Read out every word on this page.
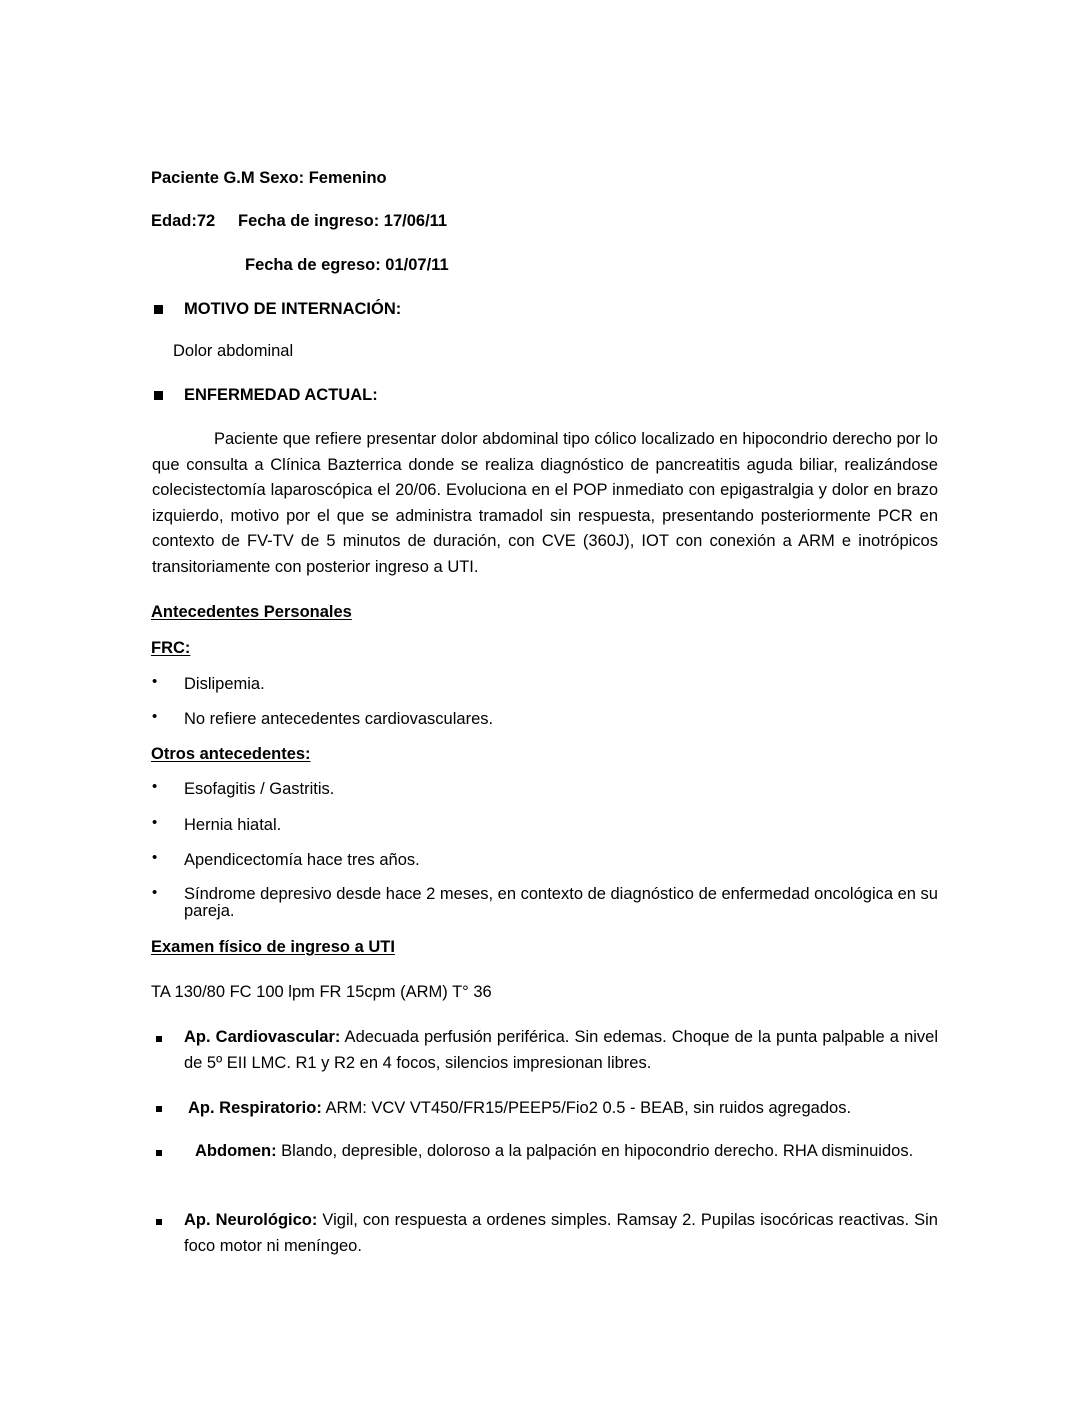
Paciente G.M Sexo: Femenino
Edad:72 Fecha de ingreso: 17/06/11
Fecha de egreso: 01/07/11
MOTIVO DE INTERNACIÓN:
Dolor abdominal
ENFERMEDAD ACTUAL:
Paciente que refiere presentar dolor abdominal tipo cólico localizado en hipocondrio derecho por lo que consulta a Clínica Bazterrica donde se realiza diagnóstico de pancreatitis aguda biliar, realizándose colecistectomía laparoscópica el 20/06. Evoluciona en el POP inmediato con epigastralgia y dolor en brazo izquierdo, motivo por el que se administra tramadol sin respuesta, presentando posteriormente PCR en contexto de FV-TV de 5 minutos de duración, con CVE (360J), IOT con conexión a ARM e inotrópicos transitoriamente con posterior ingreso a UTI.
Antecedentes Personales
FRC:
• Dislipemia.
• No refiere antecedentes cardiovasculares.
Otros antecedentes:
• Esofagitis / Gastritis.
• Hernia hiatal.
• Apendicectomía hace tres años.
• Síndrome depresivo desde hace 2 meses, en contexto de diagnóstico de enfermedad oncológica en su pareja.
Examen físico de ingreso a UTI
TA 130/80 FC 100 lpm FR 15cpm (ARM) T° 36
Ap. Cardiovascular: Adecuada perfusión periférica. Sin edemas. Choque de la punta palpable a nivel de 5º EII LMC. R1 y R2 en 4 focos, silencios impresionan libres.
Ap. Respiratorio: ARM: VCV VT450/FR15/PEEP5/Fio2 0.5 - BEAB, sin ruidos agregados.
Abdomen: Blando, depresible, doloroso a la palpación en hipocondrio derecho. RHA disminuidos.
Ap. Neurológico: Vigil, con respuesta a ordenes simples. Ramsay 2. Pupilas isocóricas reactivas. Sin foco motor ni meníngeo.
